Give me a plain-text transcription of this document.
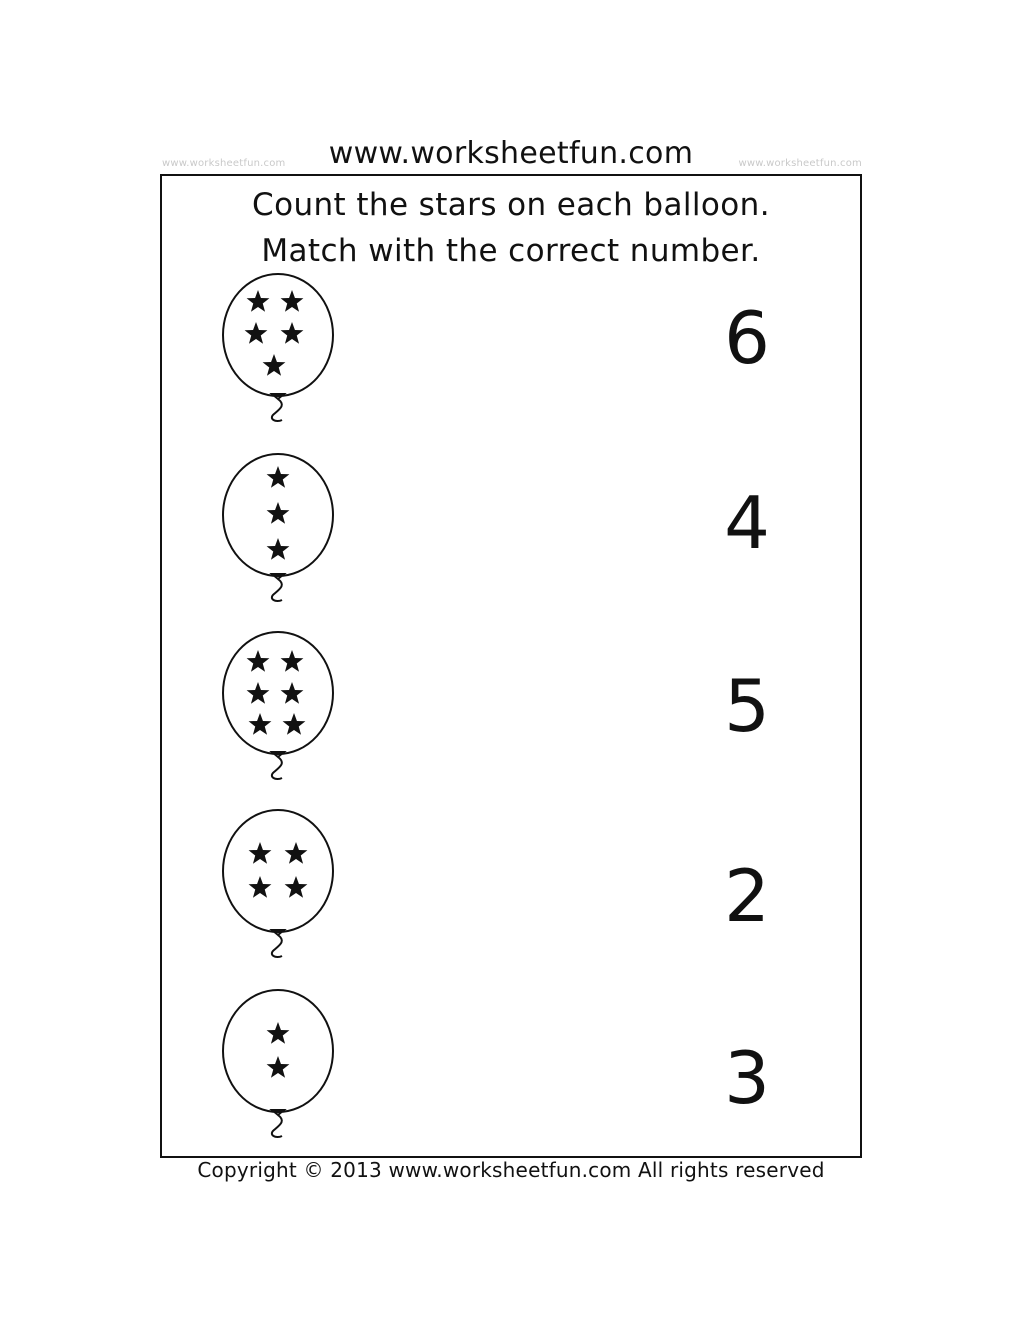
www.worksheetfun.com	www.worksheetfun.com	www.worksheetfun.com
Count the stars on each balloon.
Match with the correct number.
6
4
5
2
3
Copyright © 2013 www.worksheetfun.com All rights reserved
